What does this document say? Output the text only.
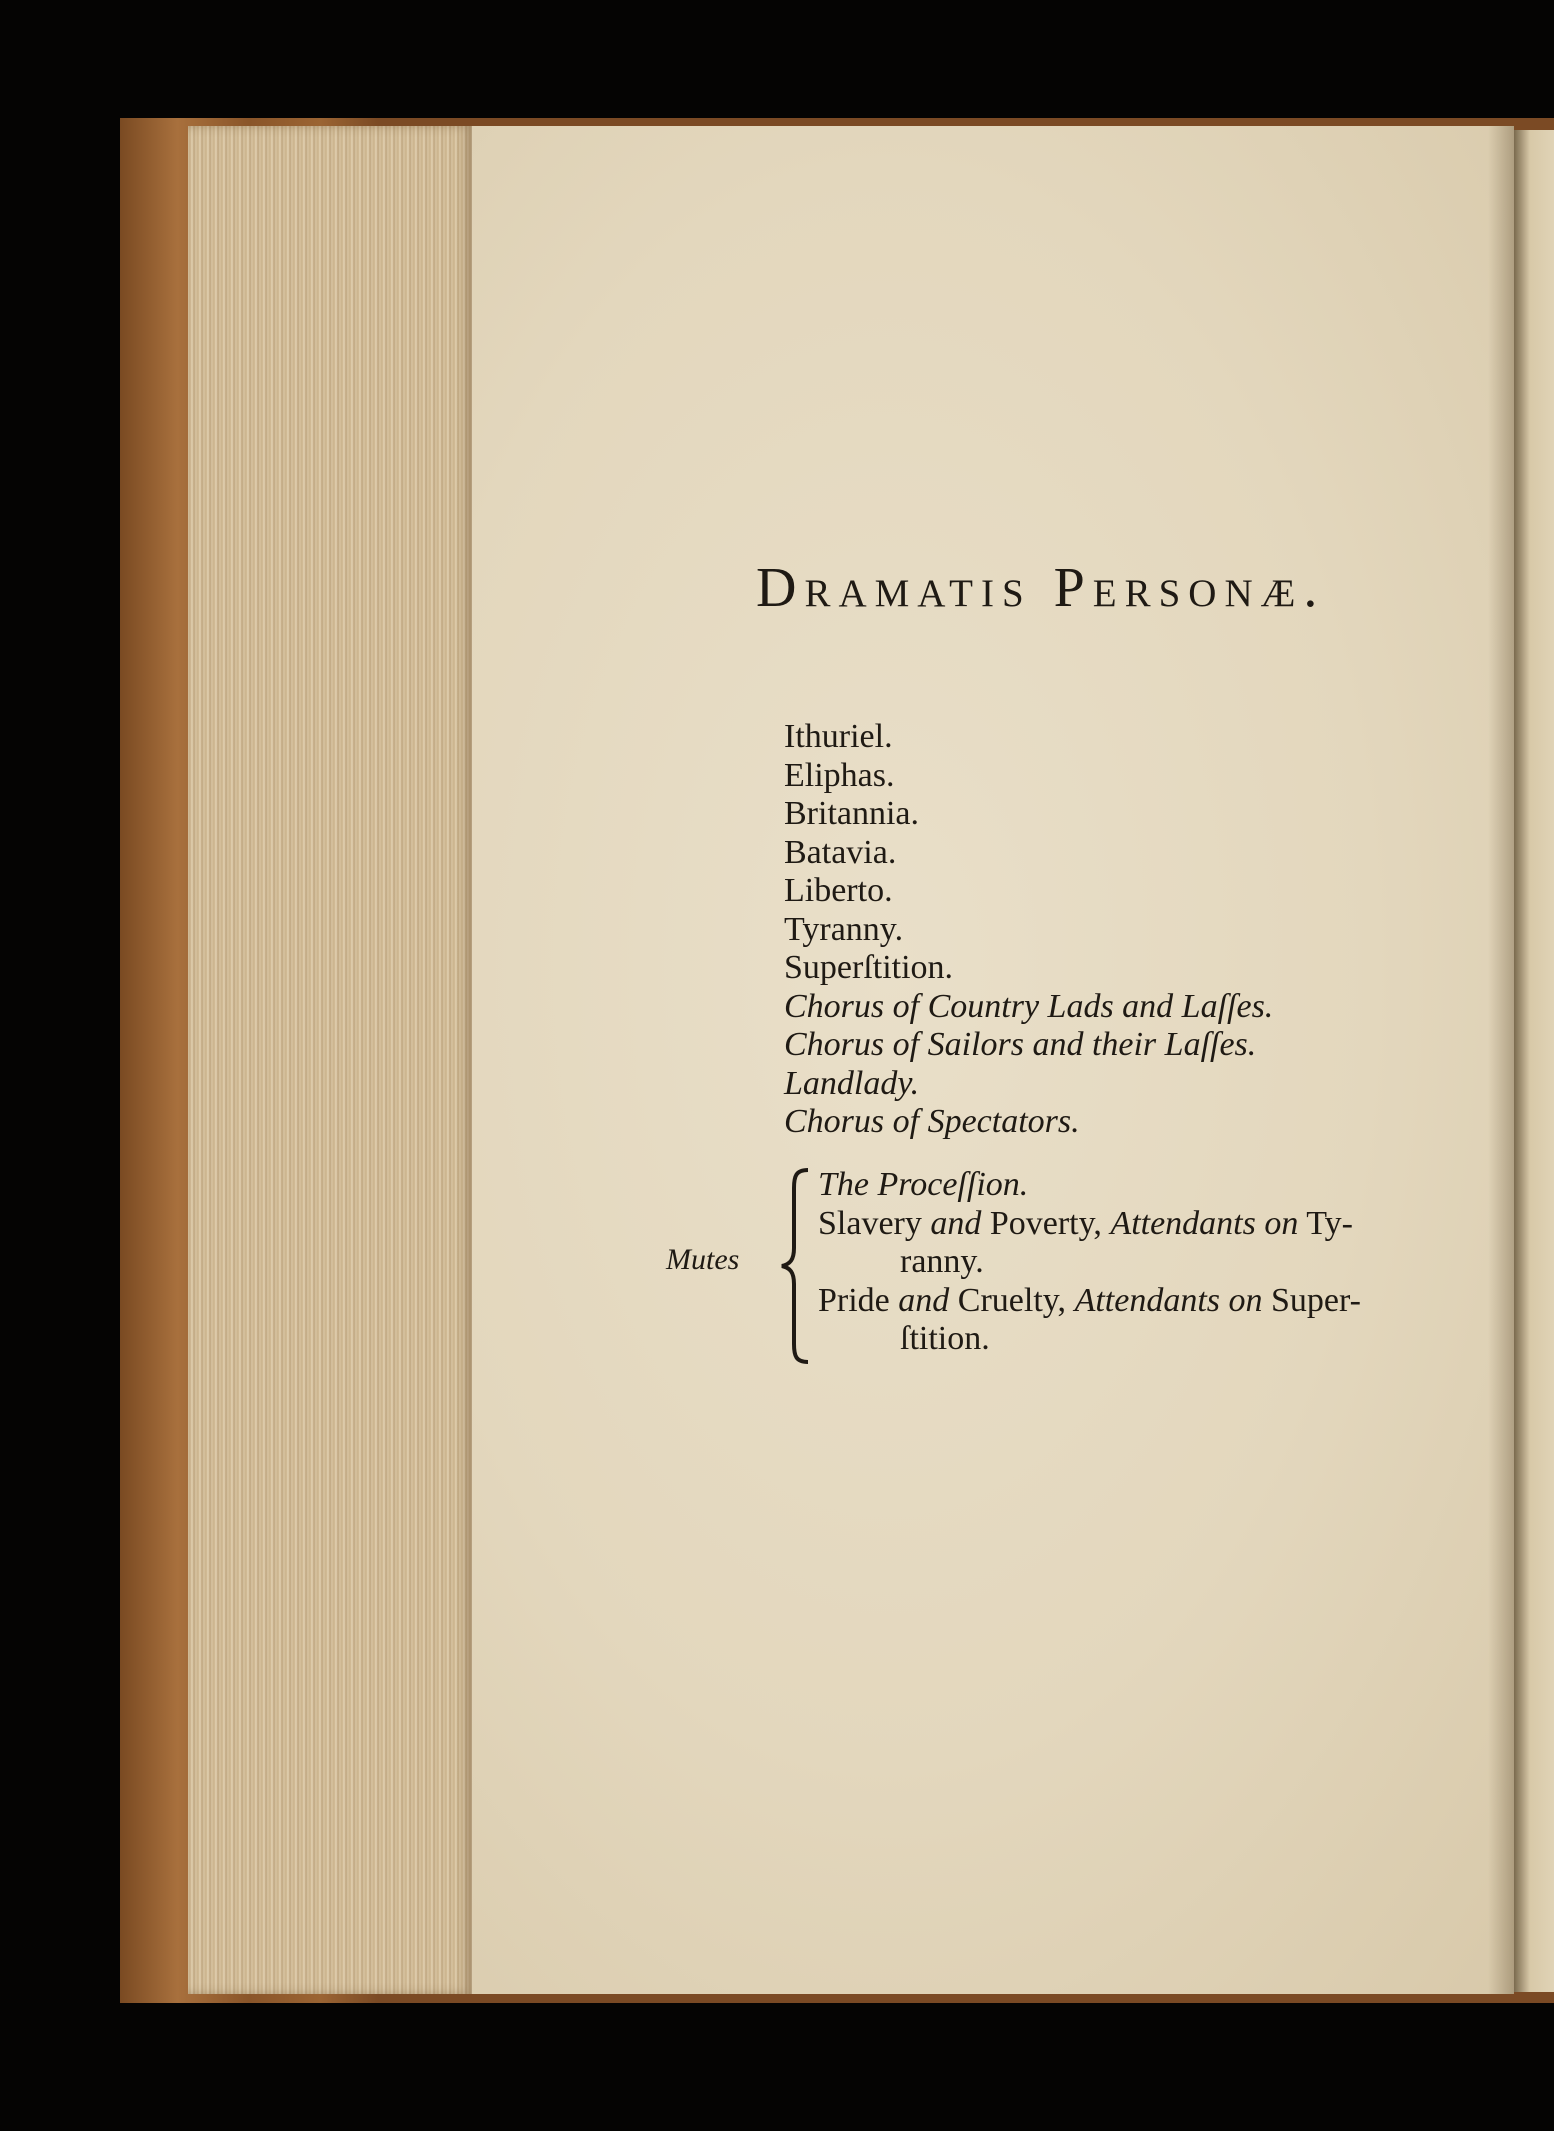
Dramatis Personæ.
Ithuriel.
Eliphas.
Britannia.
Batavia.
Liberto.
Tyranny.
Superſtition.
Chorus of Country Lads and Laſſes.
Chorus of Sailors and their Laſſes.
Landlady.
Chorus of Spectators.
Mutes
The Proceſſion.
Slavery and Poverty, Attendants on Ty-
ranny.
Pride and Cruelty, Attendants on Super-
ſtition.
